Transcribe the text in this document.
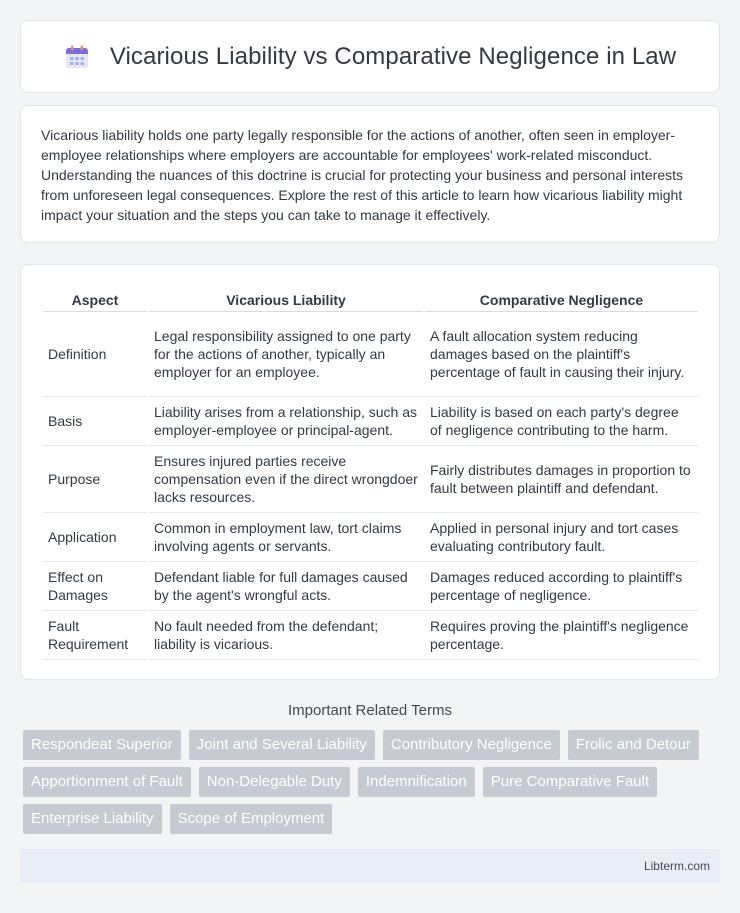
Vicarious Liability vs Comparative Negligence in Law

Vicarious liability holds one party legally responsible for the actions of another, often seen in employer-employee relationships where employers are accountable for employees' work-related misconduct. Understanding the nuances of this doctrine is crucial for protecting your business and personal interests from unforeseen legal consequences. Explore the rest of this article to learn how vicarious liability might impact your situation and the steps you can take to manage it effectively.

Aspect	Vicarious Liability	Comparative Negligence
Definition	Legal responsibility assigned to one party for the actions of another, typically an employer for an employee.	A fault allocation system reducing damages based on the plaintiff's percentage of fault in causing their injury.
Basis	Liability arises from a relationship, such as employer-employee or principal-agent.	Liability is based on each party's degree of negligence contributing to the harm.
Purpose	Ensures injured parties receive compensation even if the direct wrongdoer lacks resources.	Fairly distributes damages in proportion to fault between plaintiff and defendant.
Application	Common in employment law, tort claims involving agents or servants.	Applied in personal injury and tort cases evaluating contributory fault.
Effect on Damages	Defendant liable for full damages caused by the agent's wrongful acts.	Damages reduced according to plaintiff's percentage of negligence.
Fault Requirement	No fault needed from the defendant; liability is vicarious.	Requires proving the plaintiff's negligence percentage.
Important Related Terms
Respondeat Superior	Joint and Several Liability	Contributory Negligence	Frolic and Detour
Apportionment of Fault	Non-Delegable Duty	Indemnification	Pure Comparative Fault
Enterprise Liability	Scope of Employment
Libterm.com
